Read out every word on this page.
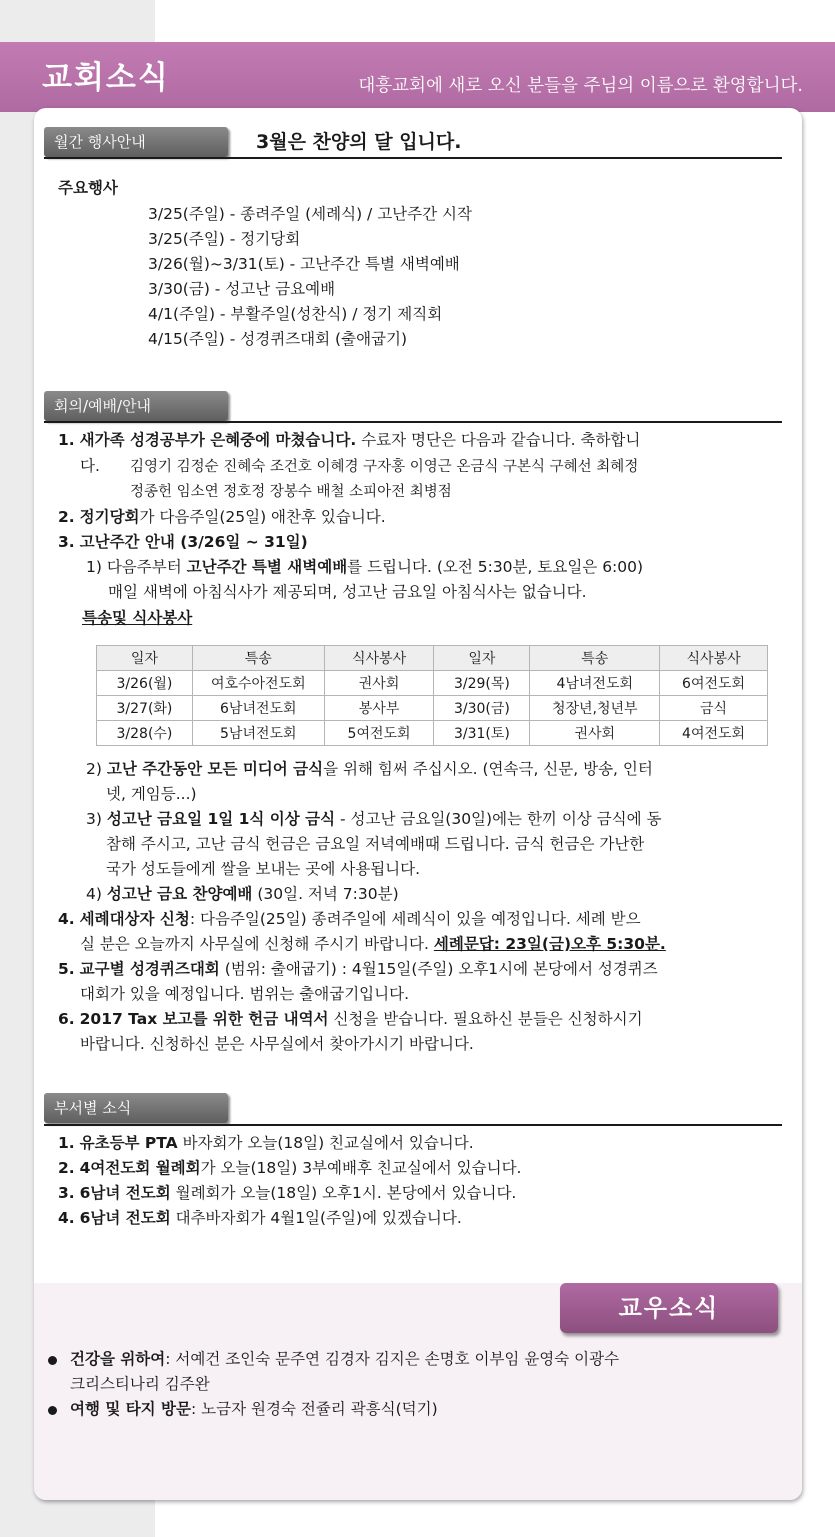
교회소식	대흥교회에 새로 오신 분들을 주님의 이름으로 환영합니다.
월간 행사안내	3월은 찬양의 달 입니다.
주요행사
3/25(주일) - 종려주일 (세례식) / 고난주간 시작
3/25(주일) - 정기당회
3/26(월)~3/31(토) - 고난주간 특별 새벽예배
3/30(금) - 성고난 금요예배
4/1(주일) - 부활주일(성찬식) / 정기 제직회
4/15(주일) - 성경퀴즈대회 (출애굽기)
회의/예배/안내
1. 새가족 성경공부가 은혜중에 마쳤습니다. 수료자 명단은 다음과 같습니다. 축하합니
다. 김영기 김정순 진혜숙 조건호 이혜경 구자홍 이영근 온금식 구본식 구혜선 최혜정
정종헌 임소연 정호정 장봉수 배철 소피아전 최병점
2. 정기당회가 다음주일(25일) 애찬후 있습니다.
3. 고난주간 안내 (3/26일 ~ 31일)
1) 다음주부터 고난주간 특별 새벽예배를 드립니다. (오전 5:30분, 토요일은 6:00)
매일 새벽에 아침식사가 제공되며, 성고난 금요일 아침식사는 없습니다.
특송및 식사봉사
일자	특송	식사봉사	일자	특송	식사봉사
3/26(월)	여호수아전도회	권사회	3/29(목)	4남녀전도회	6여전도회
3/27(화)	6남녀전도회	봉사부	3/30(금)	청장년,청년부	금식
3/28(수)	5남녀전도회	5여전도회	3/31(토)	권사회	4여전도회
2) 고난 주간동안 모든 미디어 금식을 위해 힘써 주십시오. (연속극, 신문, 방송, 인터
넷, 게임등...)
3) 성고난 금요일 1일 1식 이상 금식 - 성고난 금요일(30일)에는 한끼 이상 금식에 동
참해 주시고, 고난 금식 헌금은 금요일 저녁예배때 드립니다. 금식 헌금은 가난한
국가 성도들에게 쌀을 보내는 곳에 사용됩니다.
4) 성고난 금요 찬양예배 (30일. 저녁 7:30분)
4. 세례대상자 신청: 다음주일(25일) 종려주일에 세례식이 있을 예정입니다. 세례 받으
실 분은 오늘까지 사무실에 신청해 주시기 바랍니다. 세례문답: 23일(금)오후 5:30분.
5. 교구별 성경퀴즈대회 (범위: 출애굽기) : 4월15일(주일) 오후1시에 본당에서 성경퀴즈
대회가 있을 예정입니다. 범위는 출애굽기입니다.
6. 2017 Tax 보고를 위한 헌금 내역서 신청을 받습니다. 필요하신 분들은 신청하시기
바랍니다. 신청하신 분은 사무실에서 찾아가시기 바랍니다.
부서별 소식
1. 유초등부 PTA 바자회가 오늘(18일) 친교실에서 있습니다.
2. 4여전도회 월례회가 오늘(18일) 3부예배후 친교실에서 있습니다.
3. 6남녀 전도회 월례회가 오늘(18일) 오후1시. 본당에서 있습니다.
4. 6남녀 전도회 대추바자회가 4월1일(주일)에 있겠습니다.
교우소식
건강을 위하여: 서예건 조인숙 문주연 김경자 김지은 손명호 이부임 윤영숙 이광수
크리스티나리 김주완
여행 및 타지 방문: 노금자 원경숙 전쥴리 곽흥식(덕기)
